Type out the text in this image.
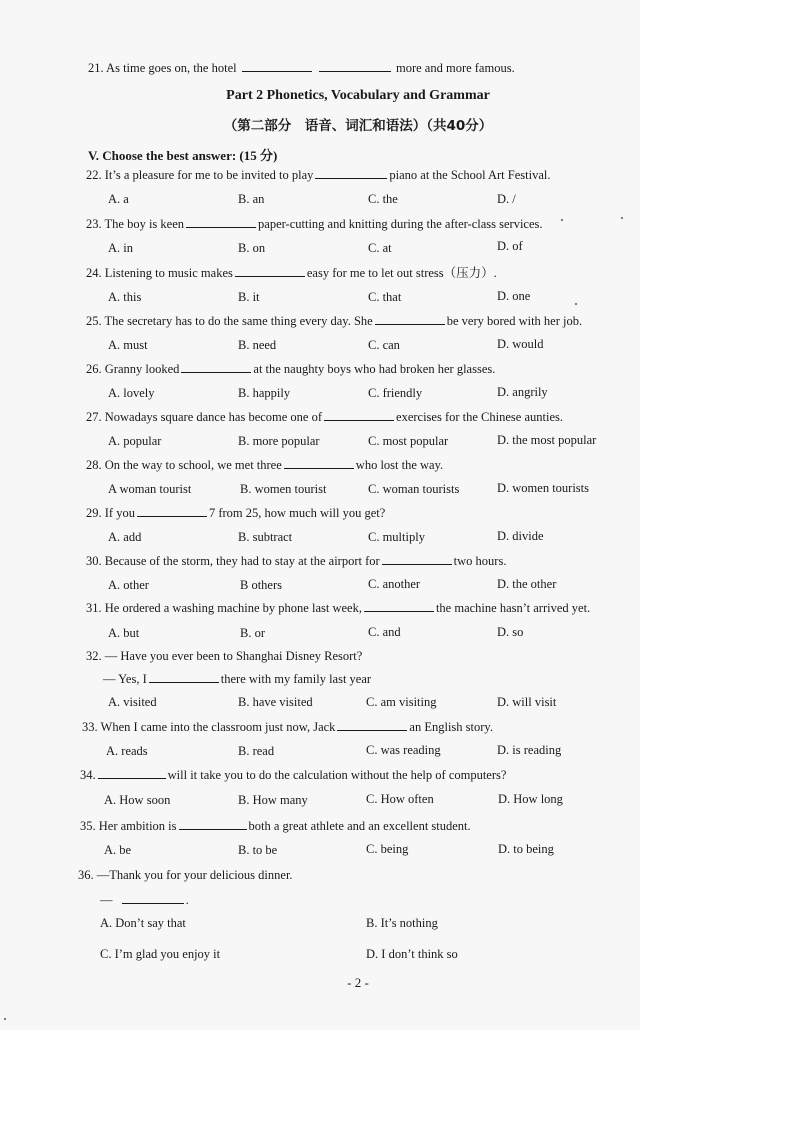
21. As time goes on, the hotel	more and more famous.
Part 2 Phonetics, Vocabulary and Grammar
（第二部分　语音、词汇和语法）（共40分）
V. Choose the best answer: (15 分)
22. It’s a pleasure for me to be invited to play	piano at the School Art Festival.
A. a	B. an	C. the	D. /
23. The boy is keen	paper-cutting and knitting during the after-class services.
A. in	B. on	C. at	D. of
24. Listening to music makes	easy for me to let out stress（压力）.
A. this	B. it	C. that	D. one
25. The secretary has to do the same thing every day. She	be very bored with her job.
A. must	B. need	C. can	D. would
26. Granny looked	at the naughty boys who had broken her glasses.
A. lovely	B. happily	C. friendly	D. angrily
27. Nowadays square dance has become one of	exercises for the Chinese aunties.
A. popular	B. more popular	C. most popular	D. the most popular
28. On the way to school, we met three	who lost the way.
A woman tourist	B. women tourist	C. woman tourists	D. women tourists
29. If you	7 from 25, how much will you get?
A. add	B. subtract	C. multiply	D. divide
30. Because of the storm, they had to stay at the airport for	two hours.
A. other	B others	C. another	D. the other
31. He ordered a washing machine by phone last week,	the machine hasn’t arrived yet.
A. but	B. or	C. and	D. so
32. — Have you ever been to Shanghai Disney Resort?
— Yes, I	there with my family last year
A. visited	B. have visited	C. am visiting	D. will visit
33. When I came into the classroom just now, Jack	an English story.
A. reads	B. read	C. was reading	D. is reading
34.	will it take you to do the calculation without the help of computers?
A. How soon	B. How many	C. How often	D. How long
35. Her ambition is	both a great athlete and an excellent student.
A. be	B. to be	C. being	D. to being
36. —Thank you for your delicious dinner.
—	.
A. Don’t say that	B. It’s nothing
C. I’m glad you enjoy it	D. I don’t think so
- 2 -
